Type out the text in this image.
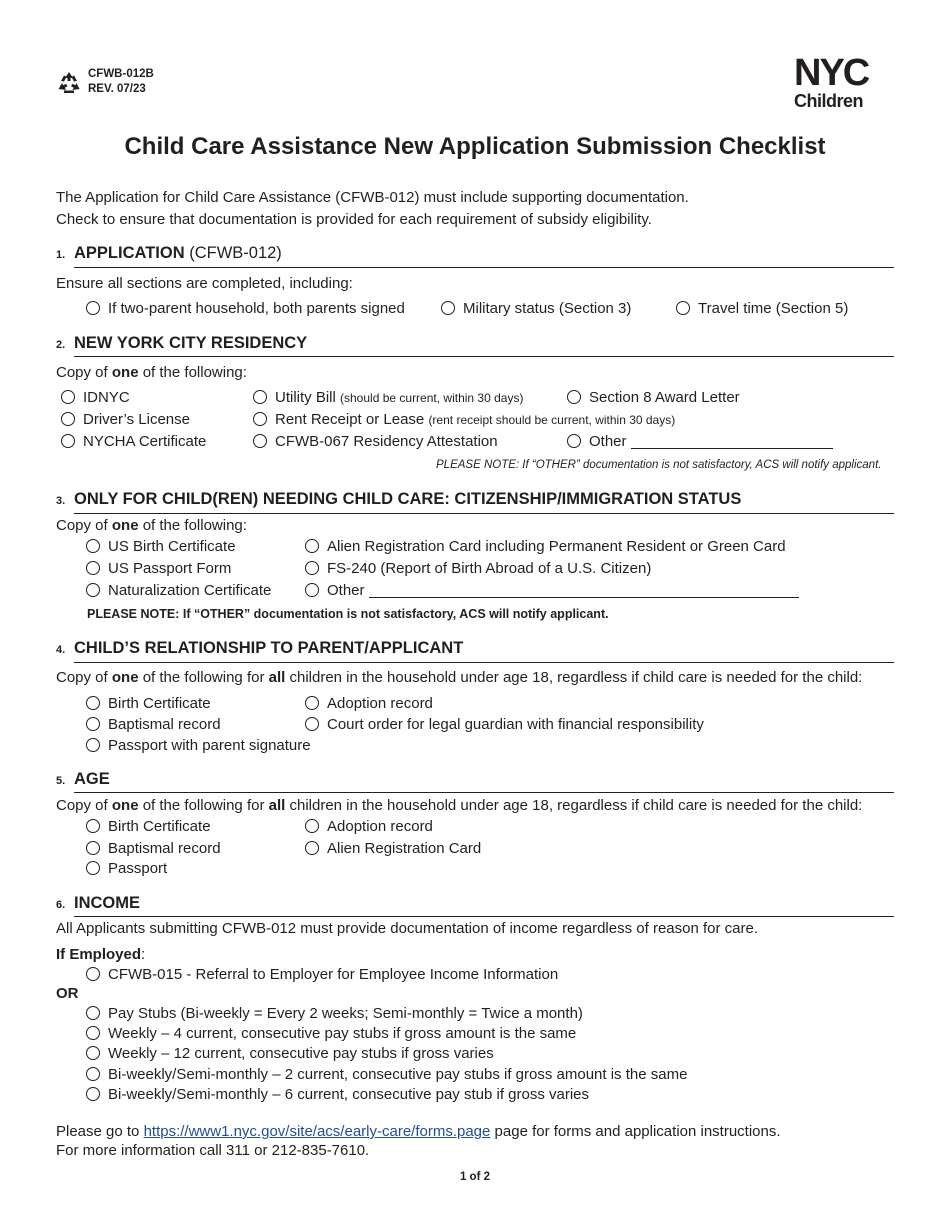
CFWB-012B
REV. 07/23	NYC
Children
Child Care Assistance New Application Submission Checklist
The Application for Child Care Assistance (CFWB-012) must include supporting documentation.
Check to ensure that documentation is provided for each requirement of subsidy eligibility.
1. APPLICATION (CFWB-012)
Ensure all sections are completed, including:
If two-parent household, both parents signed	Military status (Section 3)	Travel time (Section 5)
2. NEW YORK CITY RESIDENCY
Copy of one of the following:
IDNYC
Driver’s License
NYCHA Certificate
Utility Bill (should be current, within 30 days)
Rent Receipt or Lease (rent receipt should be current, within 30 days)
CFWB-067 Residency Attestation
Section 8 Award Letter
Other
PLEASE NOTE: If “OTHER” documentation is not satisfactory, ACS will notify applicant.
3. ONLY FOR CHILD(REN) NEEDING CHILD CARE: CITIZENSHIP/IMMIGRATION STATUS
Copy of one of the following:
US Birth Certificate
US Passport Form
Naturalization Certificate
Alien Registration Card including Permanent Resident or Green Card
FS-240 (Report of Birth Abroad of a U.S. Citizen)
Other
PLEASE NOTE: If “OTHER” documentation is not satisfactory, ACS will notify applicant.
4. CHILD’S RELATIONSHIP TO PARENT/APPLICANT
Copy of one of the following for all children in the household under age 18, regardless if child care is needed for the child:
Birth Certificate
Baptismal record
Passport with parent signature
Adoption record
Court order for legal guardian with financial responsibility
5. AGE
Copy of one of the following for all children in the household under age 18, regardless if child care is needed for the child:
Birth Certificate
Baptismal record
Passport
Adoption record
Alien Registration Card
6. INCOME
All Applicants submitting CFWB-012 must provide documentation of income regardless of reason for care.
If Employed:
CFWB-015 - Referral to Employer for Employee Income Information
OR
Pay Stubs (Bi-weekly = Every 2 weeks; Semi-monthly = Twice a month)
Weekly – 4 current, consecutive pay stubs if gross amount is the same
Weekly – 12 current, consecutive pay stubs if gross varies
Bi-weekly/Semi-monthly – 2 current, consecutive pay stubs if gross amount is the same
Bi-weekly/Semi-monthly – 6 current, consecutive pay stub if gross varies
Please go to https://www1.nyc.gov/site/acs/early-care/forms.page page for forms and application instructions.
For more information call 311 or 212-835-7610.
1 of 2
